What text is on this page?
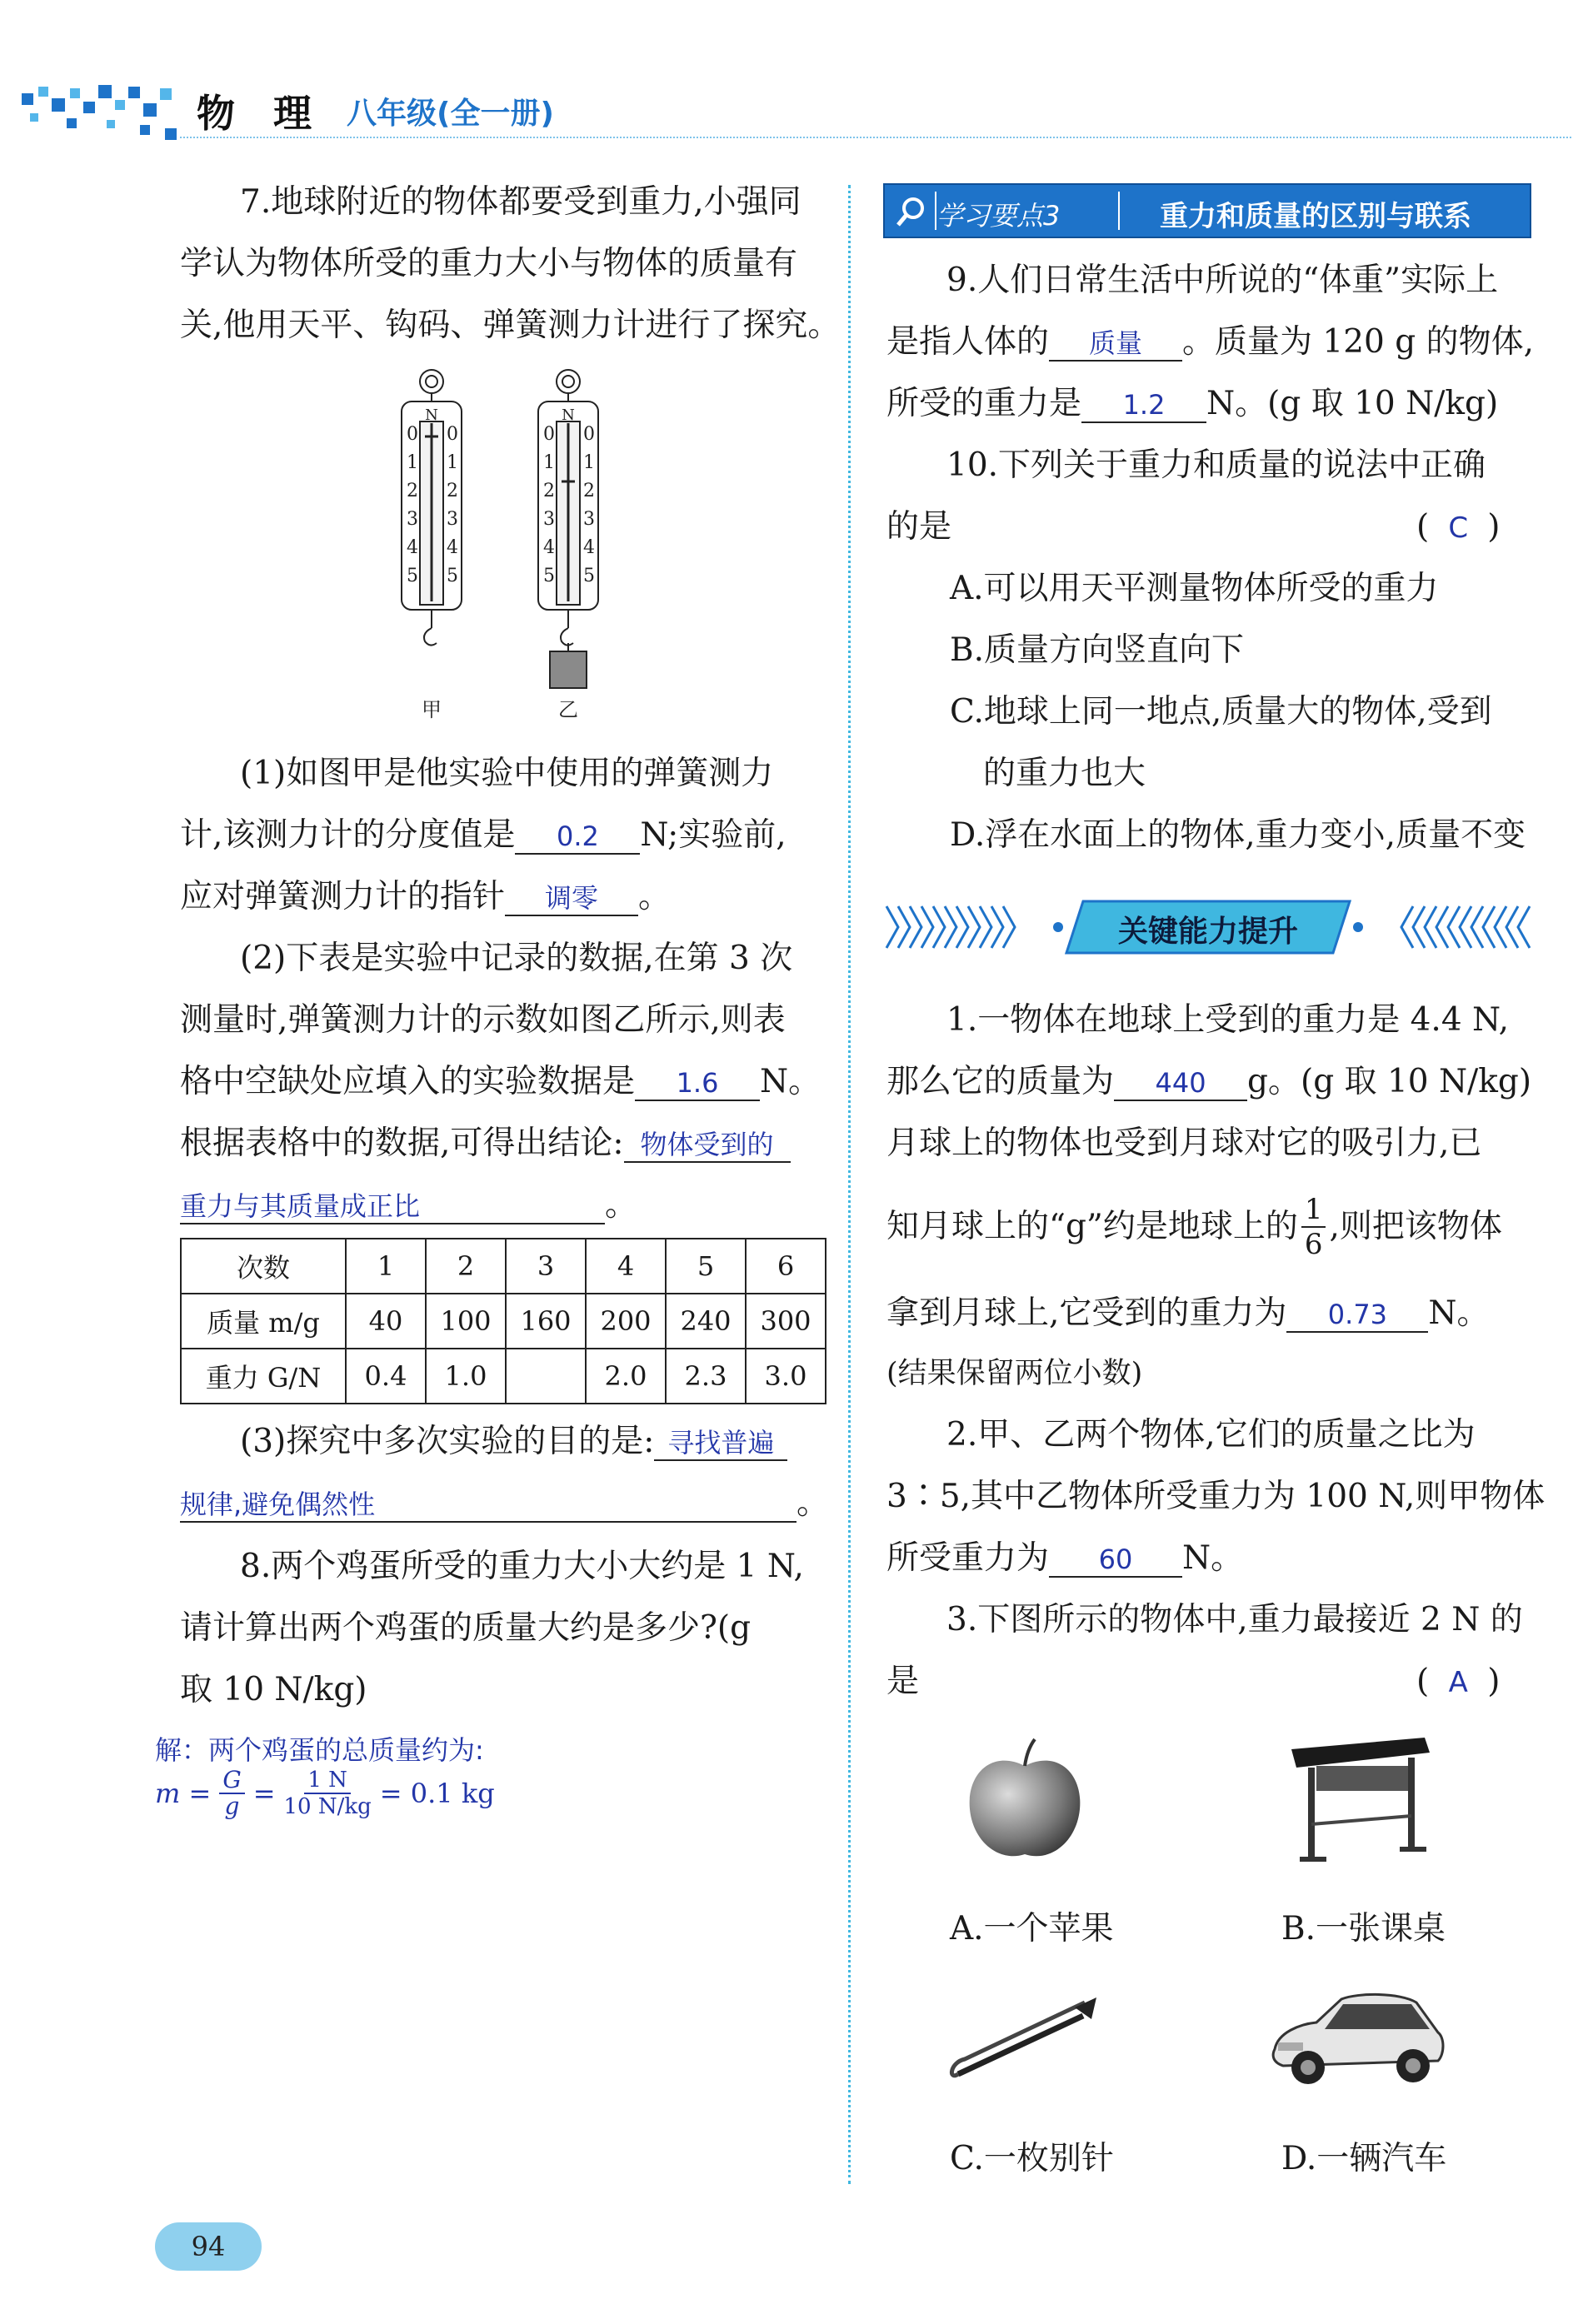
物　理 八年级(全一册)
7.地球附近的物体都要受到重力,小强同
学认为物体所受的重力大小与物体的质量有
关,他用天平、钩码、弹簧测力计进行了探究。
N
0
1
2
3
4
5
0
1
2
3
4
5
N
0
1
2
3
4
5
0
1
2
3
4
5
甲	乙
(1)如图甲是他实验中使用的弹簧测力
计,该测力计的分度值是 0.2 N;实验前,
应对弹簧测力计的指针 调零 。
(2)下表是实验中记录的数据,在第 3 次
测量时,弹簧测力计的示数如图乙所示,则表
格中空缺处应填入的实验数据是 1.6 N。
根据表格中的数据,可得出结论: 物体受到的
重力与其质量成正比	。
次数	1	2	3	4	5	6
质量 m/g	40	100	160	200	240	300
重力 G/N	0.4	1.0		2.0	2.3	3.0
(3)探究中多次实验的目的是: 寻找普遍
规律,避免偶然性	。
8.两个鸡蛋所受的重力大小大约是 1 N,
请计算出两个鸡蛋的质量大约是多少?(g
取 10 N/kg)
解：两个鸡蛋的总质量约为:
$m = \frac{G}{g} = \frac{1 N}{10 N/kg} = 0.1$ kg
学习要点3	重力和质量的区别与联系
9.人们日常生活中所说的“体重”实际上
是指人体的 质量 。质量为 120 g 的物体,
所受的重力是 1.2 N。(g 取 10 N/kg)
10.下列关于重力和质量的说法中正确
的是	( C )
A.可以用天平测量物体所受的重力
B.质量方向竖直向下
C.地球上同一地点,质量大的物体,受到
的重力也大
D.浮在水面上的物体,重力变小,质量不变
关键能力提升
1.一物体在地球上受到的重力是 4.4 N,
那么它的质量为 440 g。(g 取 10 N/kg)
月球上的物体也受到月球对它的吸引力,已
知月球上的“g”约是地球上的 $\frac{1}{6}$ ,则把该物体
拿到月球上,它受到的重力为 0.73 N。
(结果保留两位小数)
2.甲、乙两个物体,它们的质量之比为
3∶5,其中乙物体所受重力为 100 N,则甲物体
所受重力为 60 N。
3.下图所示的物体中,重力最接近 2 N 的
是	( A )
A.一个苹果	B.一张课桌
C.一枚别针	D.一辆汽车
94
